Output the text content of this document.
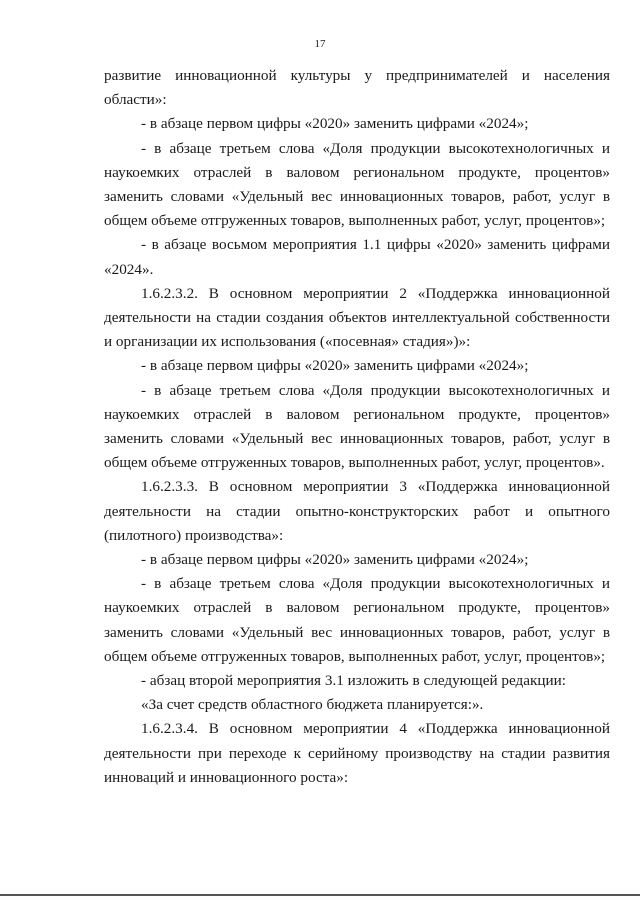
17

развитие инновационной культуры у предпринимателей и населения области»:

- в абзаце первом цифры «2020» заменить цифрами «2024»;

- в абзаце третьем слова «Доля продукции высокотехнологичных и наукоемких отраслей в валовом региональном продукте, процентов» заменить словами «Удельный вес инновационных товаров, работ, услуг в общем объеме отгруженных товаров, выполненных работ, услуг, процентов»;

- в абзаце восьмом мероприятия 1.1 цифры «2020» заменить цифрами «2024».

1.6.2.3.2. В основном мероприятии 2 «Поддержка инновационной деятельности на стадии создания объектов интеллектуальной собственности и организации их использования («посевная» стадия»)»:

- в абзаце первом цифры «2020» заменить цифрами «2024»;

- в абзаце третьем слова «Доля продукции высокотехнологичных и наукоемких отраслей в валовом региональном продукте, процентов» заменить словами «Удельный вес инновационных товаров, работ, услуг в общем объеме отгруженных товаров, выполненных работ, услуг, процентов».

1.6.2.3.3. В основном мероприятии 3 «Поддержка инновационной деятельности на стадии опытно-конструкторских работ и опытного (пилотного) производства»:

- в абзаце первом цифры «2020» заменить цифрами «2024»;

- в абзаце третьем слова «Доля продукции высокотехнологичных и наукоемких отраслей в валовом региональном продукте, процентов» заменить словами «Удельный вес инновационных товаров, работ, услуг в общем объеме отгруженных товаров, выполненных работ, услуг, процентов»;

- абзац второй мероприятия 3.1 изложить в следующей редакции:

«За счет средств областного бюджета планируется:».

1.6.2.3.4. В основном мероприятии 4 «Поддержка инновационной деятельности при переходе к серийному производству на стадии развития инноваций и инновационного роста»:
